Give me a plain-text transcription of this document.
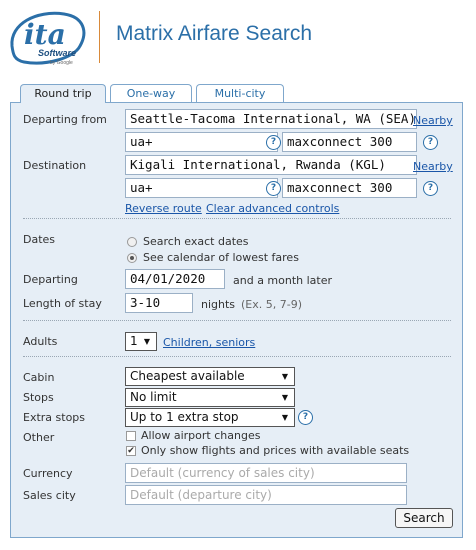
ita
Software
by Google
Matrix Airfare Search
Round trip	One-way	Multi-city
Departing from	Seattle-Tacoma International, WA (SEA)
Nearby
ua+	? maxconnect 300	?
Destination	Kigali International, Rwanda (KGL)	Nearby
ua+	? maxconnect 300	?
Reverse route Clear advanced controls
Dates	Search exact dates
See calendar of lowest fares
Departing	04/01/2020	and a month later
Length of stay	3-10	nights (Ex. 5, 7-9)
Adults	1 ▼ Children, seniors
Cabin	Cheapest available	▼
Stops	No limit	▼
Extra stops	Up to 1 extra stop	▼	?
Other	Allow airport changes
✔ Only show flights and prices with available seats
Currency	Default (currency of sales city)
Sales city	Default (departure city)
Search
